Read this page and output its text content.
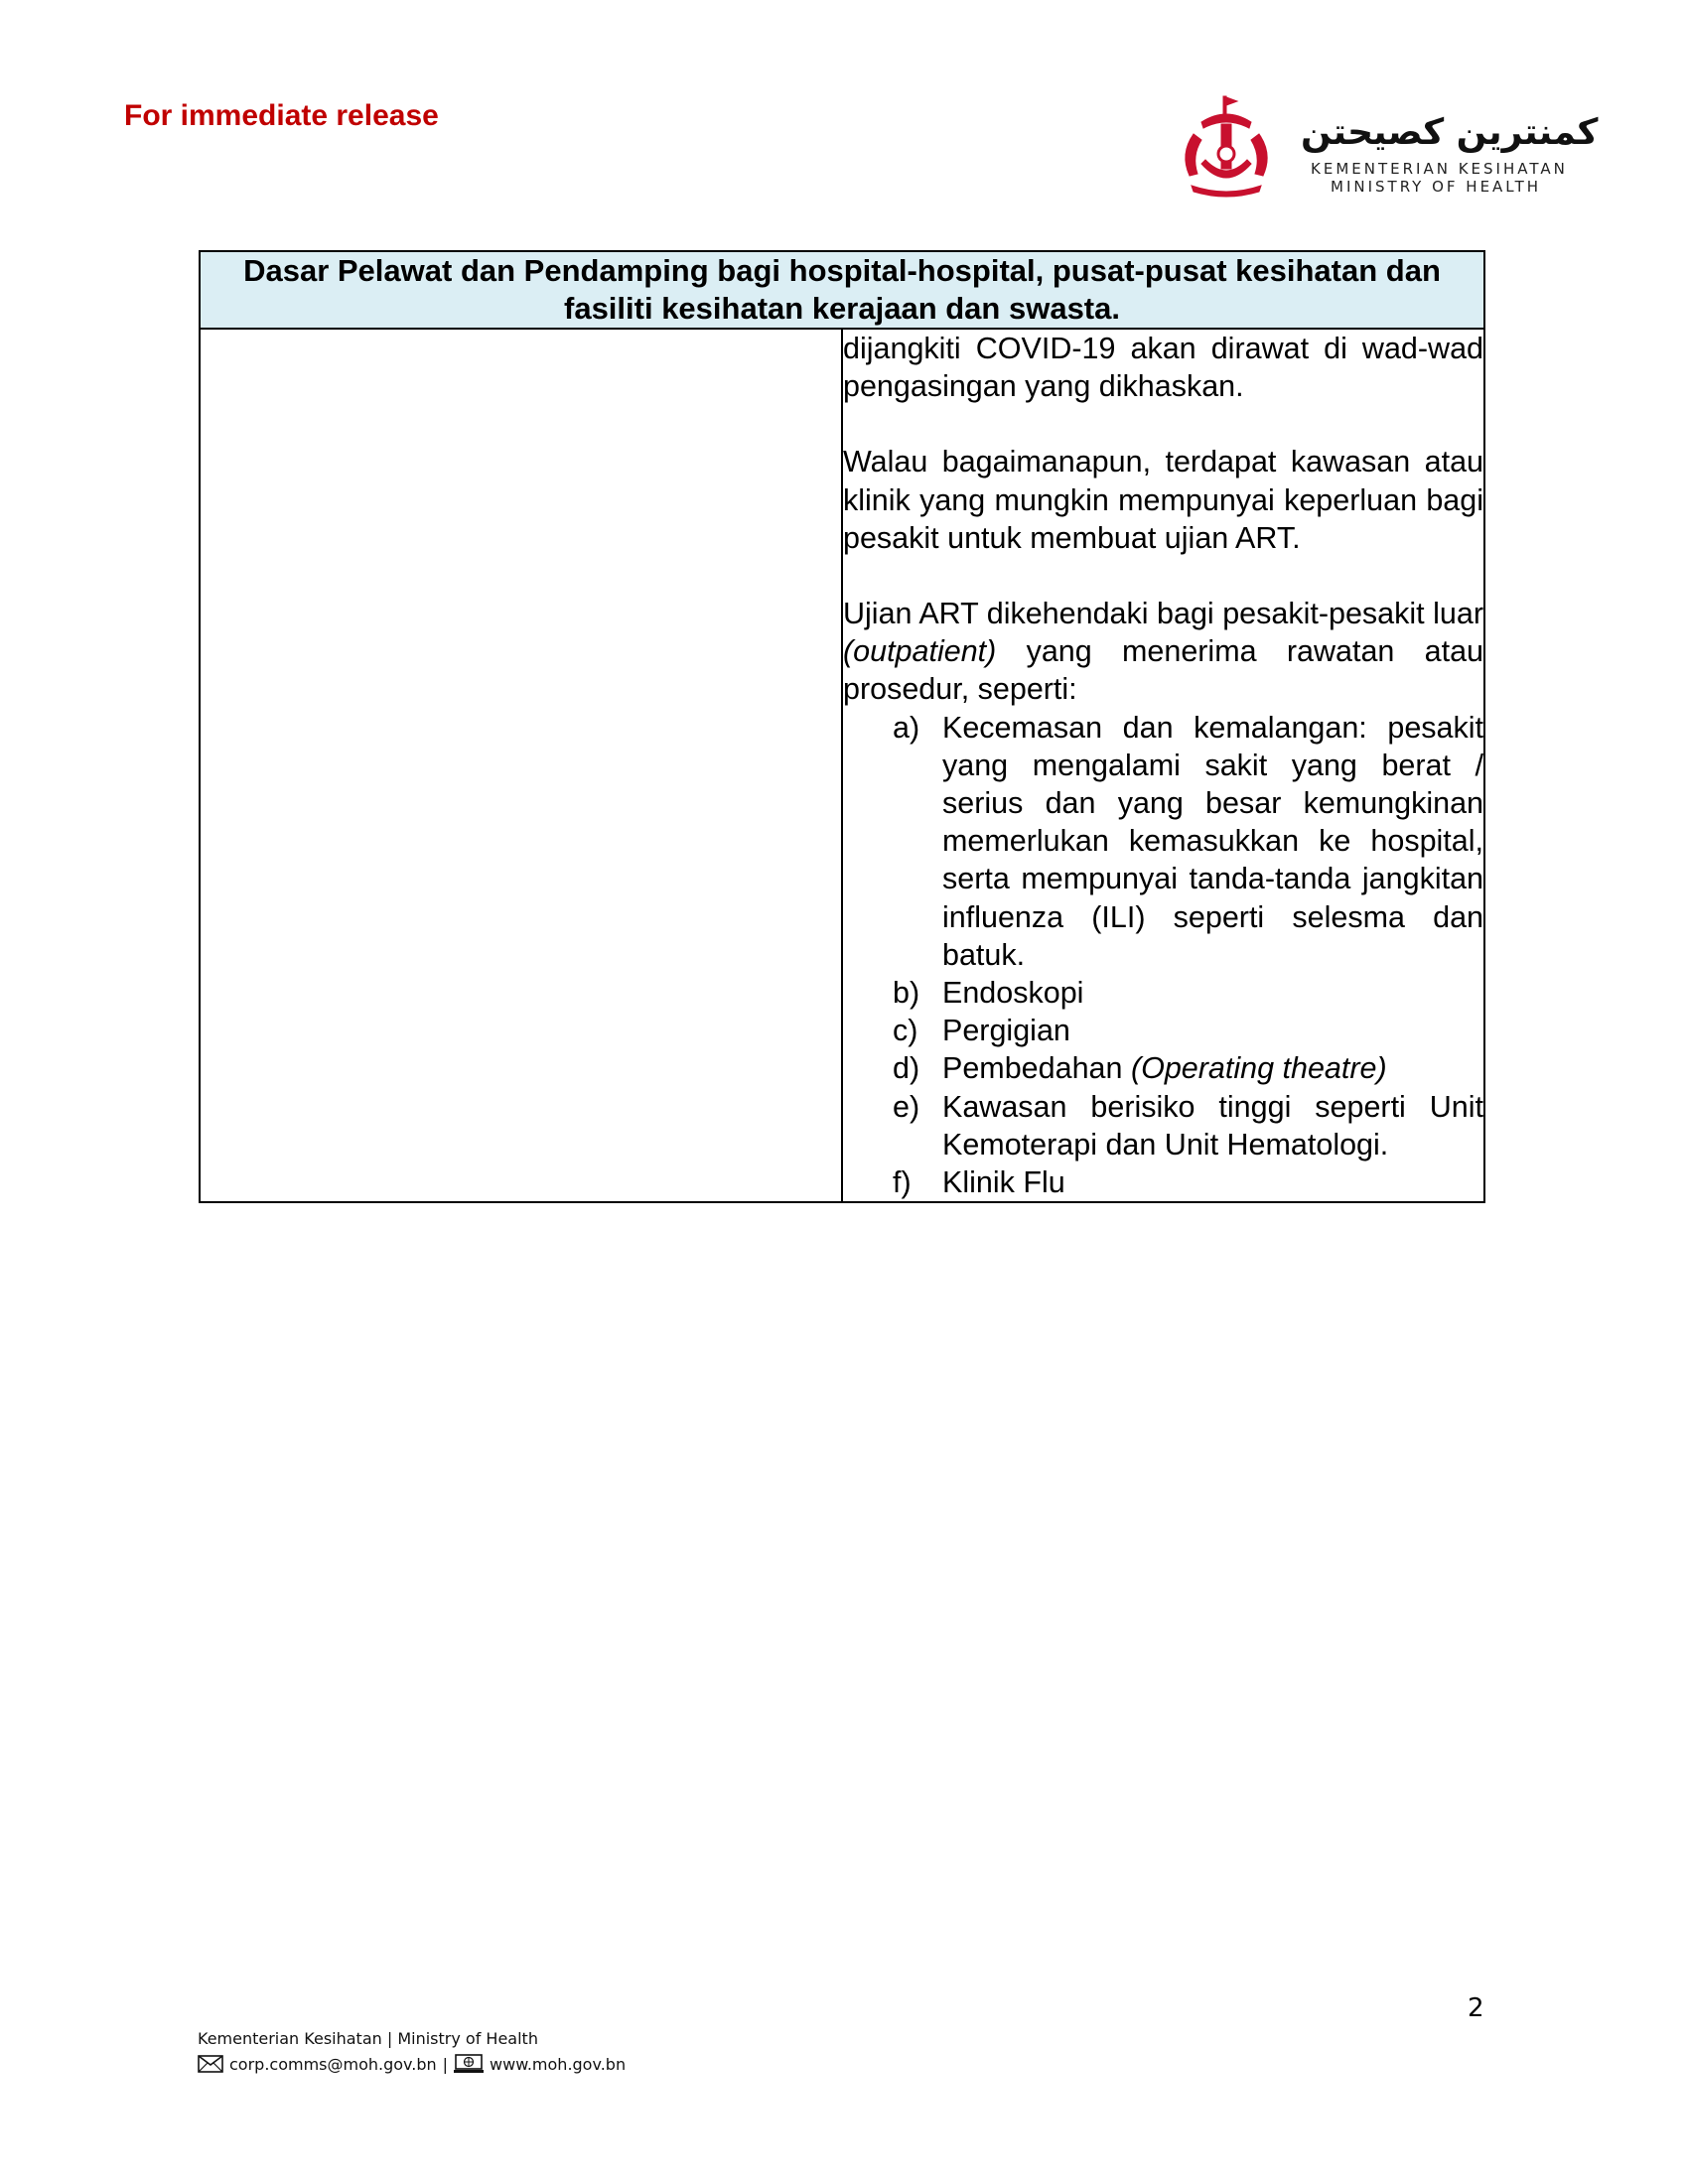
For immediate release	كمنترين كصيحتن
KEMENTERIAN KESIHATAN
MINISTRY OF HEALTH
Dasar Pelawat dan Pendamping bagi hospital-hospital, pusat-pusat kesihatan dan fasiliti kesihatan kerajaan dan swasta.

dijangkiti COVID-19 akan dirawat di wad-wad pengasingan yang dikhaskan.

Walau bagaimanapun, terdapat kawasan atau klinik yang mungkin mempunyai keperluan bagi pesakit untuk membuat ujian ART.

Ujian ART dikehendaki bagi pesakit-pesakit luar (outpatient) yang menerima rawatan atau prosedur, seperti:

a) Kecemasan dan kemalangan: pesakit yang mengalami sakit yang berat / serius dan yang besar kemungkinan memerlukan kemasukkan ke hospital, serta mempunyai tanda-tanda jangkitan influenza (ILI) seperti selesma dan batuk.
b) Endoskopi
c) Pergigian
d) Pembedahan (Operating theatre)
e) Kawasan berisiko tinggi seperti Unit Kemoterapi dan Unit Hematologi.
f) Klinik Flu
2
Kementerian Kesihatan | Ministry of Health
corp.comms@moh.gov.bn |	www.moh.gov.bn
